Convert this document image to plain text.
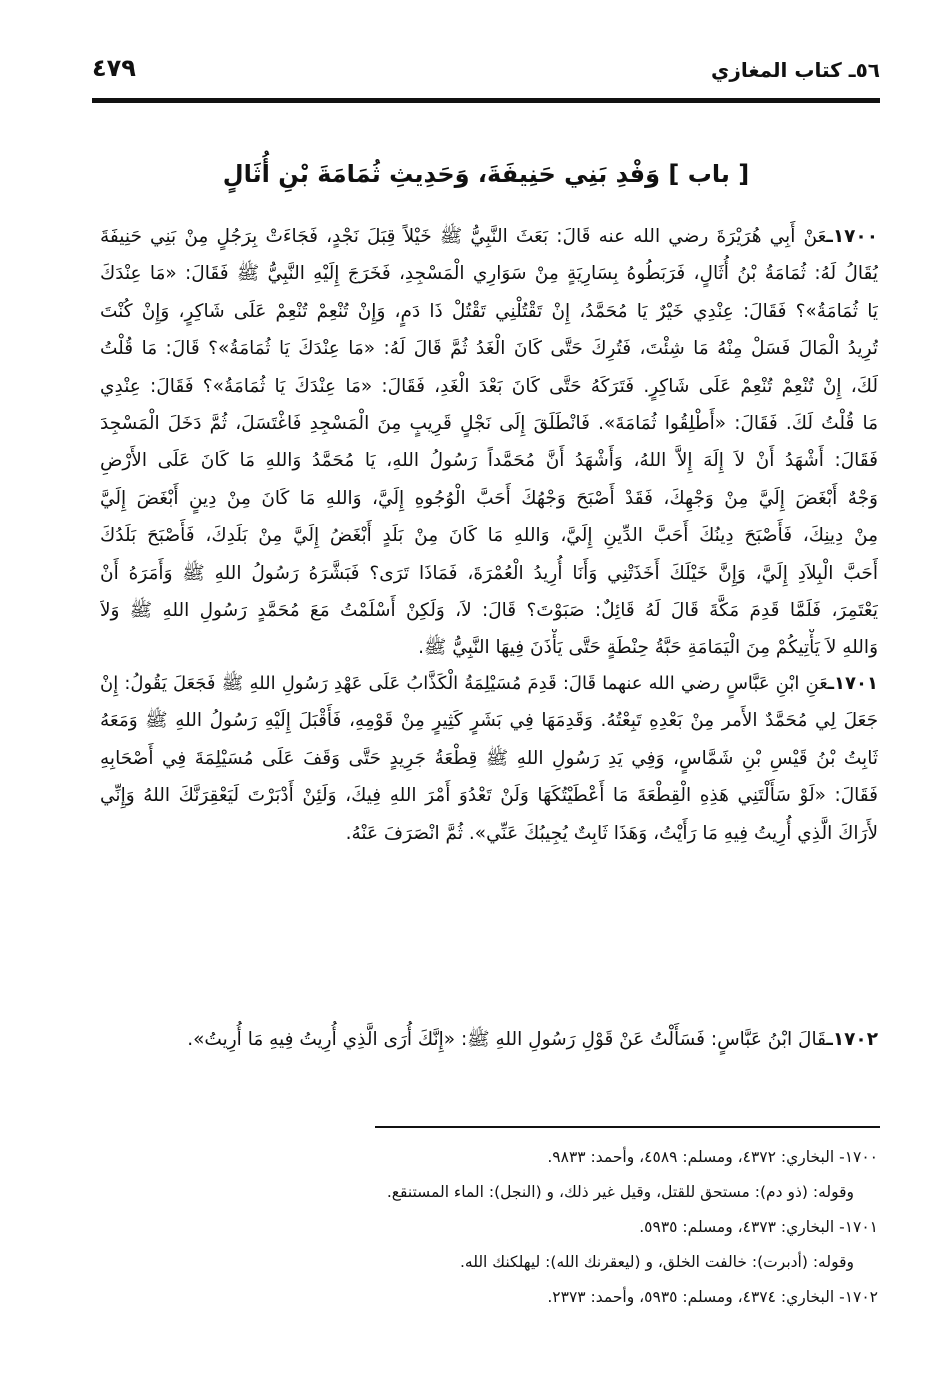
٥٦ـ كتاب المغازي
٤٧٩
[ باب ] وَفْدِ بَنِي حَنِيفَةَ، وَحَدِيثِ ثُمَامَةَ بْنِ أُثَالٍ
١٧٠٠ـعَنْ أَبِي هُرَيْرَةَ رضي الله عنه قَالَ: بَعَثَ النَّبِيُّ ﷺ خَيْلاً قِبَلَ نَجْدٍ، فَجَاءَتْ بِرَجُلٍ مِنْ بَنِي حَنِيفَةَ
يُقَالُ لَهُ: ثُمَامَةُ بْنُ أُثَالٍ، فَرَبَطُوهُ بِسَارِيَةٍ مِنْ سَوَارِي الْمَسْجِدِ، فَخَرَجَ إِلَيْهِ النَّبِيُّ ﷺ فَقَالَ: «مَا عِنْدَكَ
يَا ثُمَامَةُ»؟ فَقَالَ: عِنْدِي خَيْرٌ يَا مُحَمَّدُ، إِنْ تَقْتُلْنِي تَقْتُلْ ذَا دَمٍ، وَإِنْ تُنْعِمْ تُنْعِمْ عَلَى شَاكِرٍ، وَإِنْ كُنْتَ
تُرِيدُ الْمَالَ فَسَلْ مِنْهُ مَا شِئْتَ، فَتُرِكَ حَتَّى كَانَ الْغَدُ ثُمَّ قَالَ لَهُ: «مَا عِنْدَكَ يَا ثُمَامَةُ»؟ قَالَ: مَا قُلْتُ
لَكَ، إِنْ تُنْعِمْ تُنْعِمْ عَلَى شَاكِرٍ. فَتَرَكَهُ حَتَّى كَانَ بَعْدَ الْغَدِ، فَقَالَ: «مَا عِنْدَكَ يَا ثُمَامَةُ»؟ فَقَالَ: عِنْدِي
مَا قُلْتُ لَكَ. فَقَالَ: «أَطْلِقُوا ثُمَامَةَ». فَانْطَلَقَ إِلَى نَجْلٍ قَرِيبٍ مِنَ الْمَسْجِدِ فَاغْتَسَلَ، ثُمَّ دَخَلَ الْمَسْجِدَ
فَقَالَ: أَشْهَدُ أَنْ لاَ إِلَهَ إِلاَّ اللهُ، وَأَشْهَدُ أَنَّ مُحَمَّداً رَسُولُ اللهِ، يَا مُحَمَّدُ وَاللهِ مَا كَانَ عَلَى الأَرْضِ
وَجْهٌ أَبْغَضَ إِلَيَّ مِنْ وَجْهِكَ، فَقَدْ أَصْبَحَ وَجْهُكَ أَحَبَّ الْوُجُوهِ إِلَيَّ، وَاللهِ مَا كَانَ مِنْ دِينٍ أَبْغَضَ إِلَيَّ
مِنْ دِينِكَ، فَأَصْبَحَ دِينُكَ أَحَبَّ الدِّينِ إِلَيَّ، وَاللهِ مَا كَانَ مِنْ بَلَدٍ أَبْغَضُ إِلَيَّ مِنْ بَلَدِكَ، فَأَصْبَحَ بَلَدُكَ
أَحَبَّ الْبِلاَدِ إِلَيَّ، وَإِنَّ خَيْلَكَ أَخَذَتْنِي وَأَنَا أُرِيدُ الْعُمْرَةَ، فَمَاذَا تَرَى؟ فَبَشَّرَهُ رَسُولُ اللهِ ﷺ وَأَمَرَهُ أَنْ
يَعْتَمِرَ، فَلَمَّا قَدِمَ مَكَّةَ قَالَ لَهُ قَائِلٌ: صَبَوْتَ؟ قَالَ: لاَ، وَلَكِنْ أَسْلَمْتُ مَعَ مُحَمَّدٍ رَسُولِ اللهِ ﷺ وَلاَ
وَاللهِ لاَ يَأْتِيكُمْ مِنَ الْيَمَامَةِ حَبَّةُ حِنْطَةٍ حَتَّى يَأْذَنَ فِيهَا النَّبِيُّ ﷺ.
١٧٠١ـعَنِ ابْنِ عَبَّاسٍ رضي الله عنهما قَالَ: قَدِمَ مُسَيْلِمَةُ الْكَذَّابُ عَلَى عَهْدِ رَسُولِ اللهِ ﷺ فَجَعَلَ يَقُولُ: إِنْ
جَعَلَ لِي مُحَمَّدٌ الأَمر مِنْ بَعْدِهِ تَبِعْتُهُ. وَقَدِمَهَا فِي بَشَرٍ كَثِيرٍ مِنْ قَوْمِهِ، فَأَقْبَلَ إِلَيْهِ رَسُولُ اللهِ ﷺ وَمَعَهُ
ثَابِتُ بْنُ قَيْسِ بْنِ شَمَّاسٍ، وَفِي يَدِ رَسُولِ اللهِ ﷺ قِطْعَةُ جَرِيدٍ حَتَّى وَقَفَ عَلَى مُسَيْلِمَةَ فِي أَصْحَابِهِ
فَقَالَ: «لَوْ سَأَلْتَنِي هَذِهِ الْقِطْعَةَ مَا أَعْطَيْتُكَهَا وَلَنْ تَعْدُوَ أَمْرَ اللهِ فِيكَ، وَلَئِنْ أَدْبَرْتَ لَيَعْقِرَنَّكَ اللهُ وَإِنِّي
لأَرَاكَ الَّذِي أُرِيتُ فِيهِ مَا رَأَيْتُ، وَهَذَا ثَابِتٌ يُجِيبُكَ عَنِّي». ثُمَّ انْصَرَفَ عَنْهُ.
١٧٠٢ـقَالَ ابْنُ عَبَّاسٍ: فَسَأَلْتُ عَنْ قَوْلِ رَسُولِ اللهِ ﷺ: «إِنَّكَ أُرَى الَّذِي أُرِيتُ فِيهِ مَا أُرِيتُ».
١٧٠٠- البخاري: ٤٣٧٢، ومسلم: ٤٥٨٩، وأحمد: ٩٨٣٣.
وقوله: (ذو دم): مستحق للقتل، وقيل غير ذلك، و (النجل): الماء المستنقع.
١٧٠١- البخاري: ٤٣٧٣، ومسلم: ٥٩٣٥.
وقوله: (أدبرت): خالفت الخلق، و (ليعقرنك الله): ليهلكنك الله.
١٧٠٢- البخاري: ٤٣٧٤، ومسلم: ٥٩٣٥، وأحمد: ٢٣٧٣.
